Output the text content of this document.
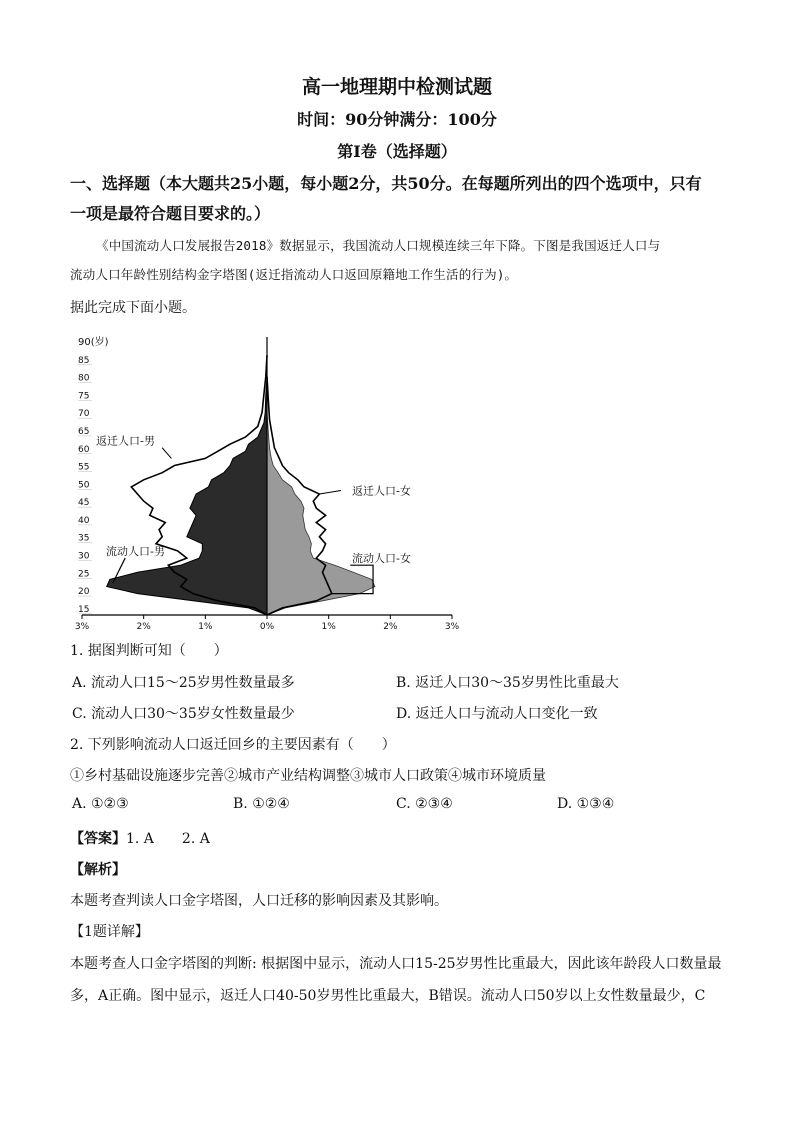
高一地理期中检测试题
时间：90分钟满分：100分
第Ⅰ卷（选择题）
一、选择题（本大题共25小题，每小题2分，共50分。在每题所列出的四个选项中，只有
一项是最符合题目要求的。）
《中国流动人口发展报告2018》数据显示，我国流动人口规模连续三年下降。下图是我国返迁人口与
流动人口年龄性别结构金字塔图(返迁指流动人口返回原籍地工作生活的行为)。
据此完成下面小题。
90(岁)
85
80
75
70
65
60
55
50
45
40
35
30
25
20
15
3%	2%	1%	0%	1%	2%	3%
返迁人口-男
返迁人口-女
流动人口-男
流动人口-女
1. 据图判断可知（　　）
A. 流动人口15～25岁男性数量最多	B. 返迁人口30～35岁男性比重最大
C. 流动人口30～35岁女性数量最少	D. 返迁人口与流动人口变化一致
2. 下列影响流动人口返迁回乡的主要因素有（　　）
①乡村基础设施逐步完善②城市产业结构调整③城市人口政策④城市环境质量
A. ①②③	B. ①②④	C. ②③④	D. ①③④
【答案】1. A　　2. A
【解析】
本题考查判读人口金字塔图，人口迁移的影响因素及其影响。
【1题详解】
本题考查人口金字塔图的判断: 根据图中显示，流动人口15-25岁男性比重最大，因此该年龄段人口数量最
多，A正确。图中显示，返迁人口40-50岁男性比重最大，B错误。流动人口50岁以上女性数量最少，C
